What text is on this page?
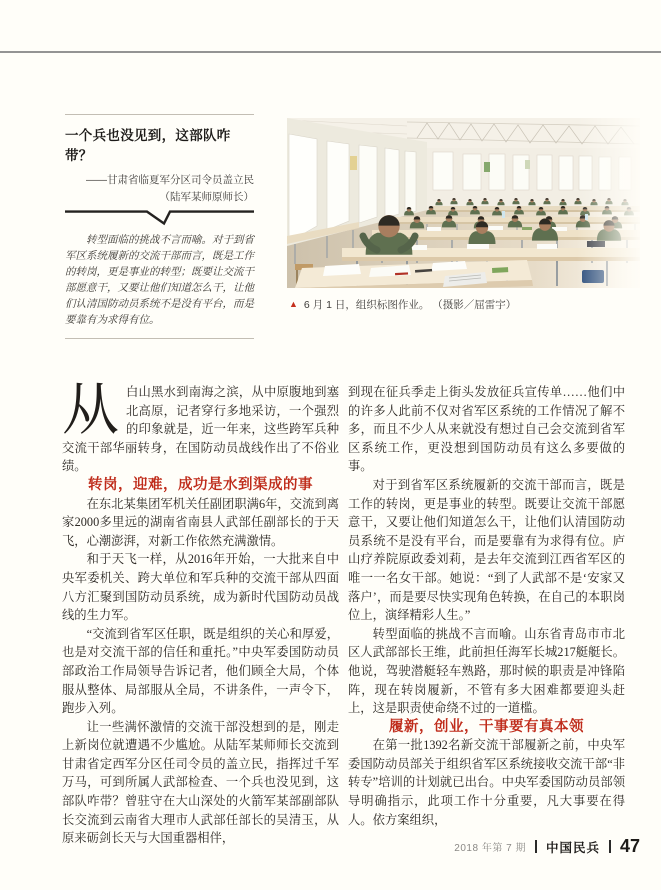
一个兵也没见到，这部队咋带？
——甘肃省临夏军分区司令员盖立民
（陆军某师原师长）

转型面临的挑战不言而喻。对于到省军区系统履新的交流干部而言，既是工作的转岗，更是事业的转型；既要让交流干部愿意干，又要让他们知道怎么干，让他们认清国防动员系统不是没有平台，而是要靠有为求得有位。

▲ 6 月 1 日，组织标图作业。 （摄影／屈雷宇）

从白山黑水到南海之滨，从中原腹地到塞北高原，记者穿行多地采访，一个强烈的印象就是，近一年来，这些跨军兵种交流干部华丽转身，在国防动员战线作出了不俗业绩。

转岗，迎难，成功是水到渠成的事

在东北某集团军机关任副团职满6年，交流到离家2000多里远的湖南省南县人武部任副部长的于天飞，心潮澎湃，对新工作依然充满激情。

和于天飞一样，从2016年开始，一大批来自中央军委机关、跨大单位和军兵种的交流干部从四面八方汇聚到国防动员系统，成为新时代国防动员战线的生力军。

“交流到省军区任职，既是组织的关心和厚爱，也是对交流干部的信任和重托。”中央军委国防动员部政治工作局领导告诉记者，他们顾全大局，个体服从整体、局部服从全局，不讲条件，一声令下，跑步入列。

让一些满怀激情的交流干部没想到的是，刚走上新岗位就遭遇不少尴尬。从陆军某师师长交流到甘肃省定西军分区任司令员的盖立民，指挥过千军万马，可到所属人武部检查、一个兵也没见到，这部队咋带？曾驻守在大山深处的火箭军某部副部队长交流到云南省大理市人武部任部长的吴清玉，从原来砺剑长天与大国重器相伴，

到现在征兵季走上街头发放征兵宣传单……他们中的许多人此前不仅对省军区系统的工作情况了解不多，而且不少人从来就没有想过自己会交流到省军区系统工作，更没想到国防动员有这么多要做的事。

对于到省军区系统履新的交流干部而言，既是工作的转岗，更是事业的转型。既要让交流干部愿意干，又要让他们知道怎么干，让他们认清国防动员系统不是没有平台，而是要靠有为求得有位。庐山疗养院原政委刘莉，是去年交流到江西省军区的唯一一名女干部。她说：“到了人武部不是‘安家又落户’，而是要尽快实现角色转换，在自己的本职岗位上，演绎精彩人生。”

转型面临的挑战不言而喻。山东省青岛市市北区人武部部长王维，此前担任海军长城217艇艇长。他说，驾驶潜艇轻车熟路，那时候的职责是冲锋陷阵，现在转岗履新，不管有多大困难都要迎头赶上，这是职责使命绕不过的一道槛。

履新，创业，干事要有真本领

在第一批1392名新交流干部履新之前，中央军委国防动员部关于组织省军区系统接收交流干部“非转专”培训的计划就已出台。中央军委国防动员部领导明确指示，此项工作十分重要，凡大事要在得人。依方案组织，

2018 年第 7 期 中国民兵 47
